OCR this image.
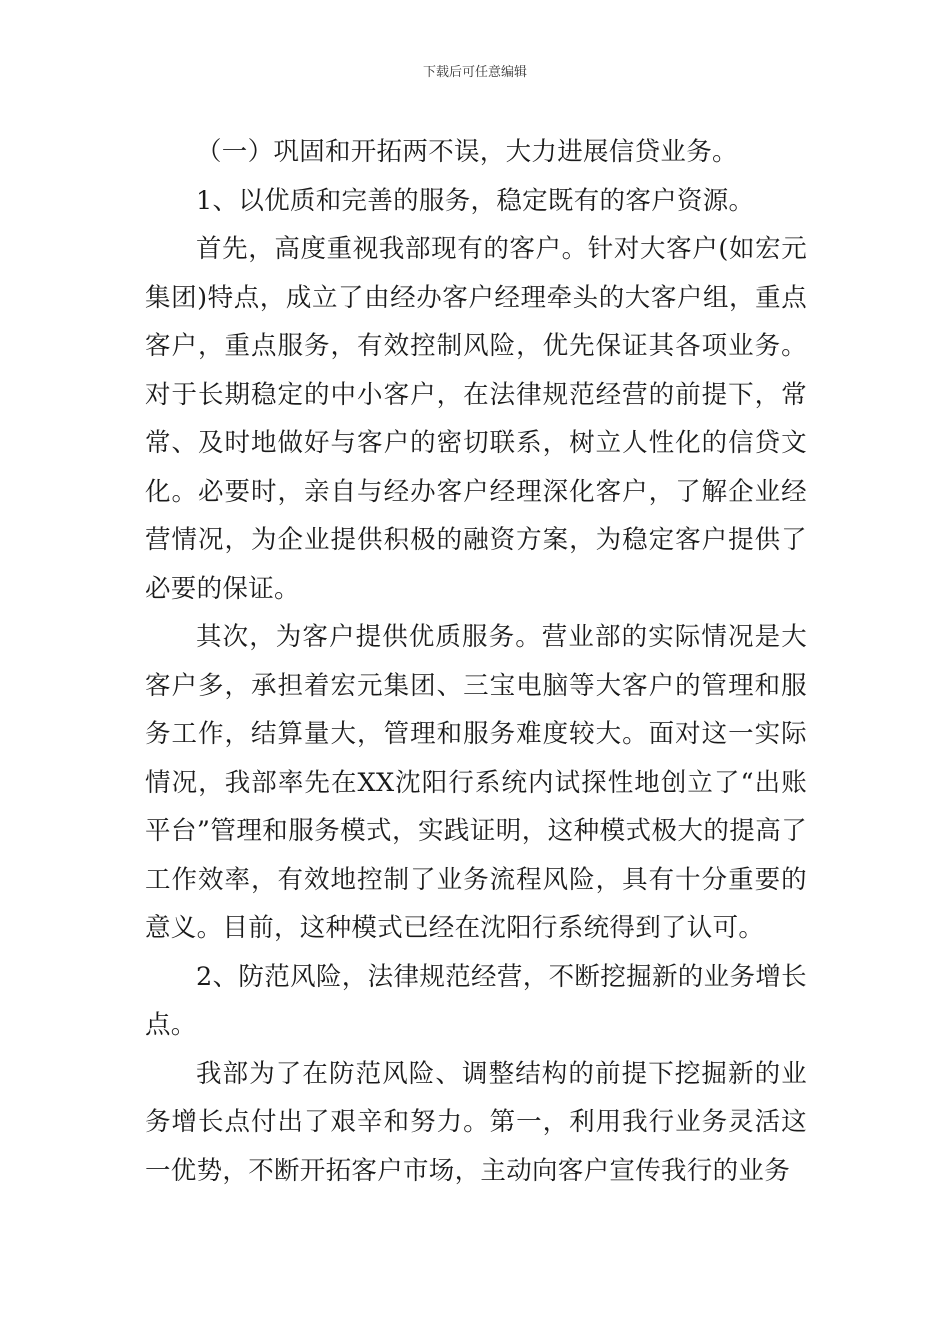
下载后可任意编辑

（一）巩固和开拓两不误，大力进展信贷业务。

1、以优质和完善的服务，稳定既有的客户资源。

首先，高度重视我部现有的客户。针对大客户(如宏元集团)特点，成立了由经办客户经理牵头的大客户组，重点客户，重点服务，有效控制风险，优先保证其各项业务。对于长期稳定的中小客户，在法律规范经营的前提下，常常、及时地做好与客户的密切联系，树立人性化的信贷文化。必要时，亲自与经办客户经理深化客户，了解企业经营情况，为企业提供积极的融资方案，为稳定客户提供了必要的保证。

其次，为客户提供优质服务。营业部的实际情况是大客户多，承担着宏元集团、三宝电脑等大客户的管理和服务工作，结算量大，管理和服务难度较大。面对这一实际情况，我部率先在XX沈阳行系统内试探性地创立了“出账平台”管理和服务模式，实践证明，这种模式极大的提高了工作效率，有效地控制了业务流程风险，具有十分重要的意义。目前，这种模式已经在沈阳行系统得到了认可。

2、防范风险，法律规范经营，不断挖掘新的业务增长点。

我部为了在防范风险、调整结构的前提下挖掘新的业务增长点付出了艰辛和努力。第一，利用我行业务灵活这一优势，不断开拓客户市场，主动向客户宣传我行的业务
